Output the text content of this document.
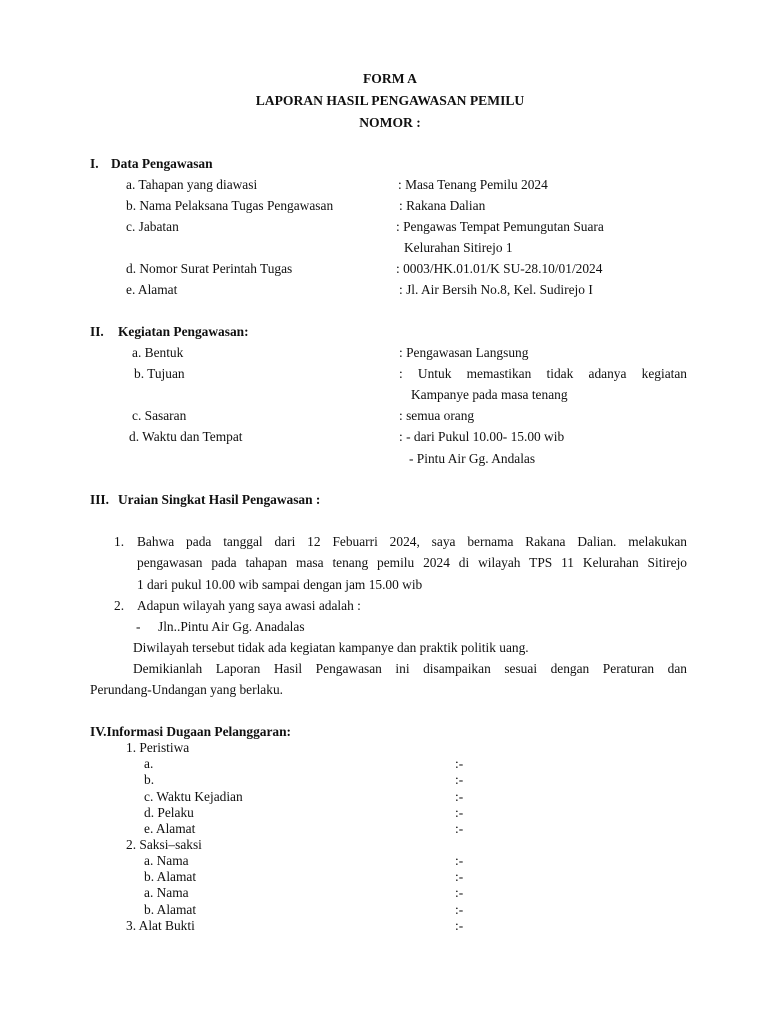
FORM A
LAPORAN HASIL PENGAWASAN PEMILU
NOMOR :
I. Data Pengawasan
a. Tahapan yang diawasi	: Masa Tenang Pemilu 2024
b. Nama Pelaksana Tugas Pengawasan	: Rakana Dalian
c. Jabatan	: Pengawas Tempat Pemungutan Suara
Kelurahan Sitirejo 1
d. Nomor Surat Perintah Tugas	: 0003/HK.01.01/K SU-28.10/01/2024
e. Alamat	: Jl. Air Bersih No.8, Kel. Sudirejo I
II. Kegiatan Pengawasan:
a. Bentuk	: Pengawasan Langsung
b. Tujuan	: Untuk memastikan tidak adanya kegiatan
Kampanye pada masa tenang
c. Sasaran	: semua orang
d. Waktu dan Tempat	: - dari Pukul 10.00- 15.00 wib
- Pintu Air Gg. Andalas
III. Uraian Singkat Hasil Pengawasan :
1. Bahwa pada tanggal dari 12 Febuarri 2024, saya bernama Rakana Dalian. melakukan
pengawasan pada tahapan masa tenang pemilu 2024 di wilayah TPS 11 Kelurahan Sitirejo
1 dari pukul 10.00 wib sampai dengan jam 15.00 wib
2. Adapun wilayah yang saya awasi adalah :
- Jln..Pintu Air Gg. Anadalas
Diwilayah tersebut tidak ada kegiatan kampanye dan praktik politik uang.
Demikianlah Laporan Hasil Pengawasan ini disampaikan sesuai dengan Peraturan dan
Perundang-Undangan yang berlaku.
IV.Informasi Dugaan Pelanggaran:
1. Peristiwa
a.	:-
b.	:-
c. Waktu Kejadian	:-
d. Pelaku	:-
e. Alamat	:-
2. Saksi–saksi
a. Nama	:-
b. Alamat	:-
a. Nama	:-
b. Alamat	:-
3. Alat Bukti	:-
